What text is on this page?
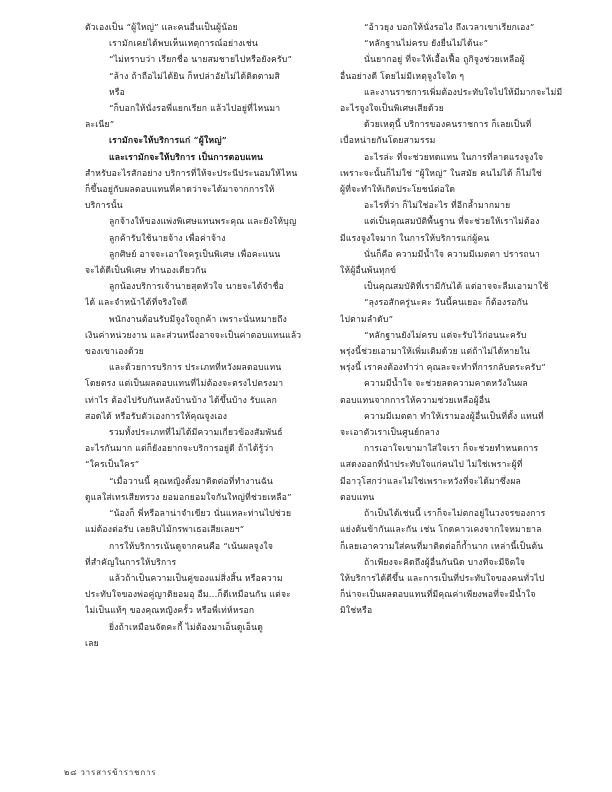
ตัวเองเป็น “ผู้ใหญ่” และคนอื่นเป็นผู้น้อย

เรามักเคยได้พบเห็นเหตุการณ์อย่างเช่น

“ไม่ทราบว่า เรียกชื่อ นายสมชายไปหรือยังครับ”

“ล้าง ถ้าถือไม่ได้ยิน ก็หปล่าอัยไม่ได้ติดตามสิ

หรือ

“ก็บอกให้นั่งรอพี่แยกเรียก แล้วไปอยู่ที่ไหนมา

ละเนีย”

เรามักจะให้บริการแก่ “ผู้ใหญ่”

และเรามักจะให้บริการ เป็นการตอบแทน

สำหรับอะไรสักอย่าง บริการที่ให้จะประนีประนอมให้ไหน

ก็ขึ้นอยู่กับผลตอบแทนที่คาดว่าจะได้มาจากการให้

บริการนั้น

ลูกจ้างให้ของแพ่งพิเศษแทนพระคุณ และยังให้บุญ

ลูกค้ารับใช้นายจ้าง เพื่อค่าจ้าง

ลูกศิษย์ อาจจะเอาใจครูเป็นพิเศษ เพื่อคะแนน

จะได้ดีเป็นพิเศษ ทำนองเดียวกัน

ลูกน้องบริการเจ้านายสุดหัวใจ นายจะได้จำชื่อ

ได้ และจำหน้าได้ที่จริงใจดี

พนักงานต้อนรับมีจูงใจถูกค้า เพราะนั่นหมายถึง

เงินค่าหน่วยงาน และส่วนหนึ่งอาจจะเป็นค่าตอบแทนแล้ว

ของเขาเองด้วย

และด้วยการบริการ ประเภทที่หวังผลตอบแทน

โดยตรง แต่เป็นผลตอบแทนที่ไม่ต้องจะตรงไปตรงมา

เท่าไร ต้องไปรับกันหลังบ้านบ้าง ได้ขึ้นบ้าง รับแลก

สอดได้ หรือรับตัวเองการให้คุณจูงเอง

รวมทั้งประเภทที่ไม่ได้มีความเกี่ยวข้องสัมพันธ์

อะไรกันมาก แต่ก็ยังอยากจะบริการอยู่ดี ถ้าได้รู้ว่า

“ใครเป็นใคร”

“เมื่อวานนี้ คุณหญิงตั้งมาติดต่อที่ทำงานฉัน

ดูแลใส่เทรเสียทรวง ยอมอกยอมใจกันใหญ่ที่ช่วยเหลือ”

“น้องก็ พี่หรือลาน่าจำเขียว นั่นแหละท่านไปช่วย

แม่ต้องต่อรับ เลยลิบไม้กรพาเธอเสียเลยฯ”

การให้บริการเน้นดูจากคนคือ “เน้นผลจูงใจ

ที่สำคัญในการให้บริการ

แล้วถ้าเป็นความเป็นคู่ของแม่สิ่งสิ้น หรือความ

ประทับใจของพ่อคู่ญาติยอมอุ อืม...ก็ดีเหมือนกัน แต่จะ

ไม่เป็นแท้ๆ ของคุณหญิงครั้ว หรือพี่เท่ห์หรอก

ยิ่งถ้าเหมือนจัดคะกี้ ไม่ต้องมาเอ็นดูเอ็นดู

เลย

“อ้าวยุง บอกให้นั่งรอไง ถึงเวลาเขาเรียกเอง”

“หลักฐานไม่ครบ ยังยื่นไม่ได้นะ”

นั่นยากอยู่ ที่จะให้เอื้อเฟื้อ ถูกิจูงช่วยเหลือผู้

อื่นอย่างดี โดยไม่มีเหตุจูงใจใด ๆ

และงานราชการเพิ่มต้องประทับใจไปให้มีมากจะไม่มี

อะไรจูงใจเป็นพิเศษเสียด้วย

ด้วยเหตุนี้ บริการของคนราชการ ก็เลยเป็นที่

เบื่อหน่ายกันโดยสามรรม

อะไรล่ะ ที่จะช่วยทดแทน ในการที่ลาดแรงจูงใจ

เพราะจะนั้นก็ไม่ใช่ “ผู้ใหญ่” ในสมัย คนไม่ได้ ก็ไม่ใช่

ผู้ที่จะทำให้เกิดประโยชน์ต่อใด

อะไรที่ว่า ก็ไม่ใช่อะไร ที่อีกล้ำมากมาย

แต่เป็นคุณสมบัติพื้นฐาน ที่จะช่วยให้เราไม่ต้อง

มีแรงจูงใจมาก ในการให้บริการแก่ผู้คน

นั่นก็คือ ความมีน้ำใจ ความมีเมตตา ปรารถนา

ให้ผู้อื่นพ้นทุกข์

เป็นคุณสมบัติที่เรามีกันได้ แต่อาจจะลืมเอามาใช้

“ลุงรอสักครู่นะคะ วันนี้คนเยอะ ก็ต้องรอกัน

ไปตามลำดับ”

“หลักฐานยังไม่ครบ แต่จะรับไว้ก่อนนะครับ

พรุ่งนี้ช่วยเอามาให้เพิ่มเติมด้วย แต่ถ้าไม่ได้หายใน

พรุ่งนี้ เราคงต้องทำว่า คุณละจะทำที่การกลับตระครับ”

ความมีน้ำใจ จะช่วยลดความคาดหวังในผล

ตอบแทนจากการให้ความช่วยเหลือผู้อื่น

ความมีเมตตา ทำให้เรามองผู้อื่นเป็นที่ตั้ง แทนที่

จะเอาตัวเราเป็นศูนย์กลาง

การเอาใจเขามาใส่ใจเรา ก็จะช่วยทำหนดการ

แสดงออกที่นำประทับใจแก่คนไป ไม่ใช่เพราะผู้ที่

มีอาวุโสกว่าและไม่ใช่เพราะหวังที่จะได้มาซึ่งผล

ตอบแทน

ถ้าเป็นได้เช่นนี้ เราก็จะไม่ตกอยู่ในวงจรของการ

แย่งต้นข้ากันและกัน เช่น โกดคาวเคงจากใจหมายาล

ก็เลยเอาความใส่คนที่มาติดต่อก็ก้ำนาก เหล่านี้เป็นต้น

ถ้าเพียงจะคิดถึงผู้อื่นกันนิด บางทีจะมีจิตใจ

ให้บริการได้ดีขึ้น และการเป็นที่ประทับใจของคนทั่วไป

ก็น่าจะเป็นผลตอบแทนที่มีคุณค่าเพียงพอที่จะมีน้ำใจ

มิใช่หรือ

๒๘ วารสารข้าราชการ
